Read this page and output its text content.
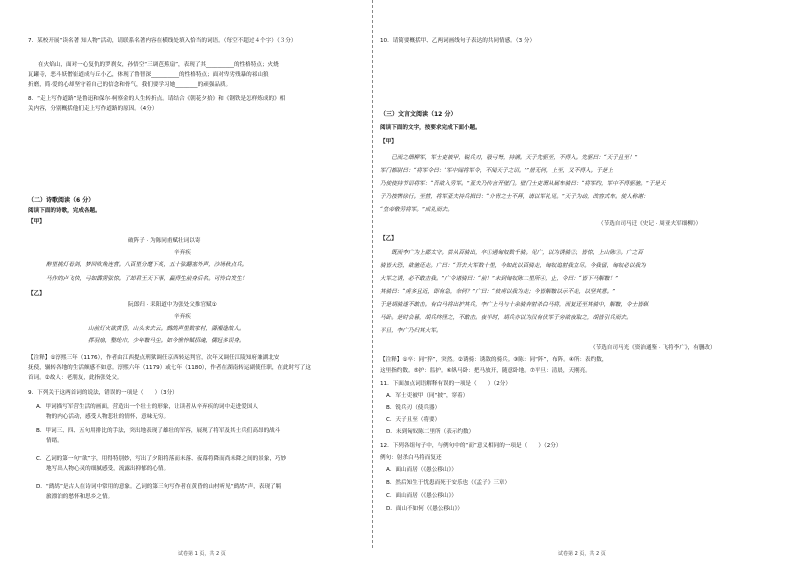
7．某校开展“读名著 知人物”活动，请联系名著内容在横线处填入恰当的词语。（每空不超过４个字）（３分）
在火焰山，面对一心复仇的罗刹女，孙悟空“三调芭蕉扇”，表现了其__________的性格特点；火烧
瓦罐寺，恶斗妖僧崔道成与丘小乙，体现了鲁智深__________的性格特点；面对卑劣残暴的祁山狼
折磨，简·爱的心却坚守着自己的信念和骨气，我们要学习她________的顽强品质。
8．“走上写作道路”是鲁迅和保尔·柯察金的人生转折点。请结合《朝花夕拾》和《钢铁是怎样炼成的》相
关内容，分别概括他们走上写作道路的原因。（4分）
（二）诗歌阅读（6 分）
阅读下面的诗歌，完成各题。
【甲】
破阵子 · 为陈同甫赋壮词以寄
辛弃疾
醉里挑灯看剑，梦回吹角连营。八百里分麾下炙，五十弦翻塞外声，沙场秋点兵。
马作的卢飞快，弓如霹雳弦惊。了却君王天下事，赢得生前身后名。可怜白发生！
【乙】
阮郎归 · 耒阳道中为张处父推官赋①
辛弃疾
山前灯火欲黄昏，山头来去云。鹧鸪声里数家村，潇湘逢故人。
挥羽扇，整纶巾，少年鞍马尘。如今憔悴赋招魂，儒冠多误身。
【注释】①淳熙三年（1176），作者由江西提点刑狱调任京西转运判官，次年又调任江陵知府兼湖北安
抚使，辗转各地的生活颇感不如意。淳熙六年（1179）或七年（1180），作者在湖南转运副使任职，在此时写了这
首词。②故人：老朋友，此指张处父。
9．下列关于这两首词的说法，错误的一项是（　　）（3分）
A．甲词描写军营生活的画面，营造出一个壮士的形象，让读者从辛弃疾的词中走进爱国人
物的内心活动，感受人物悲壮的情怀，意味无穷。
B．甲词三、四、五句用排比的手法，突出地表现了雄壮的军容，展现了将军及其士兵们高昂的战斗
情绪。
C．乙词的第一句“欲”字，用得特别妙，写出了夕阳将落而未落、夜幕将降而尚未降之间的景象，巧妙
地写出人物心灵的细腻感受，流露出抑郁的心情。
D．“鹧鸪”是古人在诗词中常用的意象。乙词的第三句写作者在黄昏的山村听见“鹧鸪”声，表现了羁
旅漂泊的愁怀和思乡之情。
10．请简要概括甲、乙两词画线句子表达的共同情感。（3 分）
（三）文言文阅读（12 分）
阅读下面的文字，按要求完成下面小题。
【甲】
　　已而之细柳军，军士吏被甲，锐兵刃，彀弓弩，持满。天子先驱至，不得入。先驱曰：“天子且至！”
军门都尉曰：“将军令曰：‘军中闻将军令，不闻天子之诏。’”居无何，上至，又不得入。于是上
乃使使持节诏将军：“吾欲入劳军。”亚夫乃传言开壁门。壁门士吏谓从属车骑曰：“将军约，军中不得驱驰。”于是天
子乃按辔徐行。至营，将军亚夫持兵揖曰：“介胄之士不拜，请以军礼见。”天子为动，改容式车。使人称谢：
“皇帝敬劳将军。”成礼而去。
（节选自司马迁《史记 · 周亚夫军细柳》）
【乙】
　　既而李广为上郡太守。尝从百骑出，卒①遇匈奴数千骑。见广，以为诱骑②，皆惊，上山陈③。广之百
骑皆大恐，欲驰还走。广曰：“吾去大军数十里，今如此以百骑走，匈奴追射我立尽。今我留，匈奴必以我为
大军之诱，必不敢击我。”广令诸骑曰：“前！”未到匈奴陈二里所④，止，令曰：“皆下马解鞍！”
其骑曰：“虏多且近，即有急，奈何？”广曰：“彼虏以我为走；今皆解鞍以示不走，以坚其意。”
于是胡骑遂不敢击。有白马将出护其兵，李广上马与十余骑奔射杀白马将，而复还至其骑中，解鞍，令士皆纵
马卧。是时会暮，胡兵终怪之，不敢击。夜半时，胡兵亦以为汉有伏军于旁欲夜取之，胡皆引兵而去。
平旦，李广乃归其大军。
（节选自司马光《资治通鉴 · 飞将李广》，有删改）
【注释】①卒：同“猝”，突然。②诱骑：诱敌的骑兵。③陈：同“阵”，布阵。④所：表约数，
这里指约数。⑤护：监护。⑥纵马卧：把马放开，随意卧地。⑦平旦：清晨，天刚亮。
11．下面加点词语解释有误的一项是（　　）（2分）
A．军士吏被甲（同“披”，穿着）
B．锐兵刃（使兵器）
C．天子且至（将要）
D．未到匈奴陈二里所（表示约数）
12．下列各组句子中，与例句中的“而”意义相同的一项是（　　）（2分）
例句：射杀白马将而复还
A．面山而居（《愚公移山》）
B．然后知生于忧患而死于安乐也（《孟子》三章）
C．面山而居（《愚公移山》）
D．面山不如何（《愚公移山》）
试卷第 1 页，共 2 页	试卷第 2 页，共 2 页
